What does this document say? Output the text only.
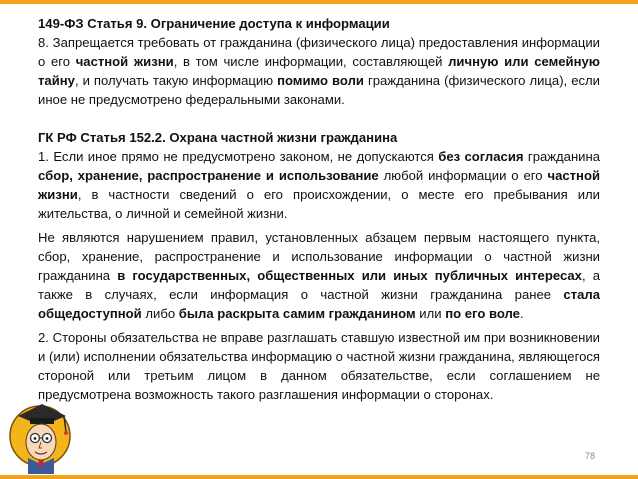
149-ФЗ Статья 9. Ограничение доступа к информации

8. Запрещается требовать от гражданина (физического лица) предоставления информации о его частной жизни, в том числе информации, составляющей личную или семейную тайну, и получать такую информацию помимо воли гражданина (физического лица), если иное не предусмотрено федеральными законами.

ГК РФ Статья 152.2. Охрана частной жизни гражданина

1. Если иное прямо не предусмотрено законом, не допускаются без согласия гражданина сбор, хранение, распространение и использование любой информации о его частной жизни, в частности сведений о его происхождении, о месте его пребывания или жительства, о личной и семейной жизни.

Не являются нарушением правил, установленных абзацем первым настоящего пункта, сбор, хранение, распространение и использование информации о частной жизни гражданина в государственных, общественных или иных публичных интересах, а также в случаях, если информация о частной жизни гражданина ранее стала общедоступной либо была раскрыта самим гражданином или по его воле.

2. Стороны обязательства не вправе разглашать ставшую известной им при возникновении и (или) исполнении обязательства информацию о частной жизни гражданина, являющегося стороной или третьим лицом в данном обязательстве, если соглашением не предусмотрена возможность такого разглашения информации о сторонах.

78
